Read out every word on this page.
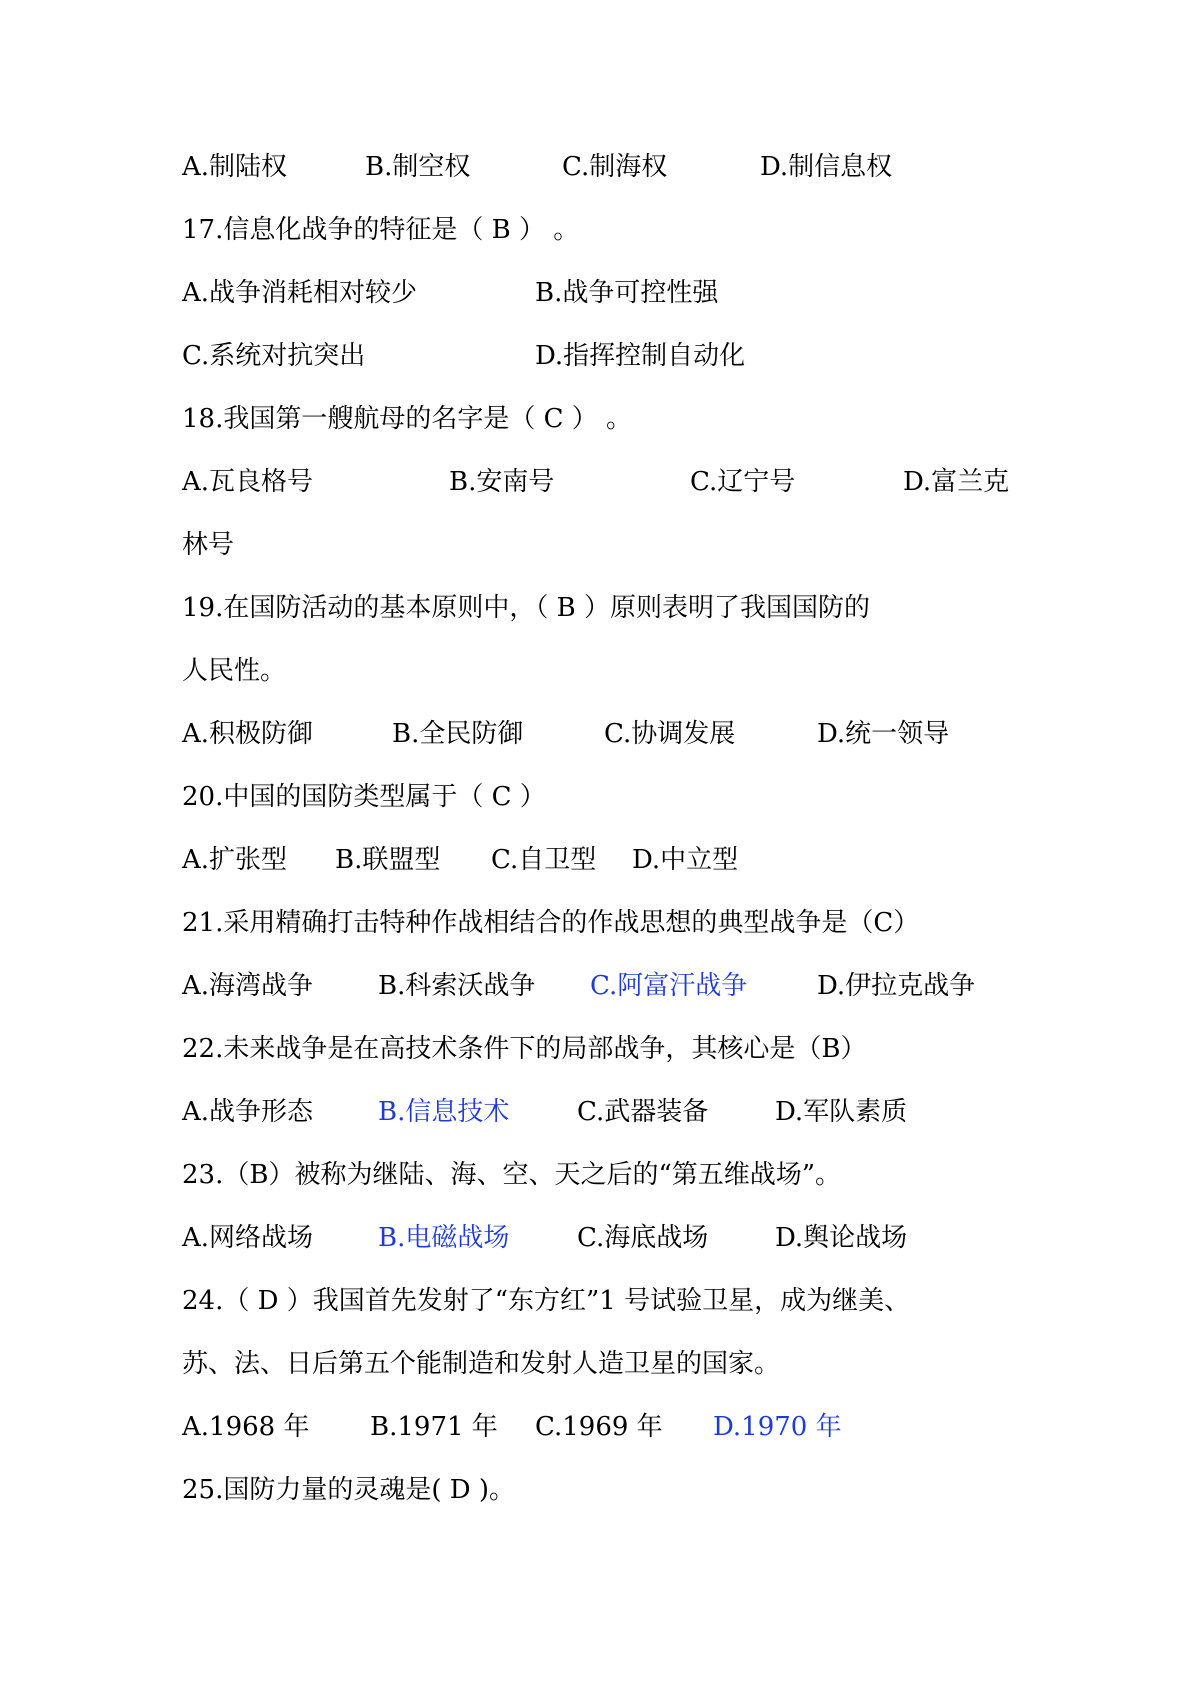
A.制陆权	B.制空权	C.制海权	D.制信息权
17.信息化战争的特征是（ B ） 。
A.战争消耗相对较少	B.战争可控性强
C.系统对抗突出	D.指挥控制自动化
18.我国第一艘航母的名字是（ C ） 。
A.瓦良格号	B.安南号	C.辽宁号	D.富兰克
林号
19.在国防活动的基本原则中，（ B ）原则表明了我国国防的
人民性。
A.积极防御	B.全民防御	C.协调发展	D.统一领导
20.中国的国防类型属于（ C ）
A.扩张型 B.联盟型 C.自卫型 D.中立型
21.采用精确打击特种作战相结合的作战思想的典型战争是（C）
A.海湾战争 B.科索沃战争 C.阿富汗战争	D.伊拉克战争
22.未来战争是在高技术条件下的局部战争，其核心是（B）
A.战争形态 B.信息技术	C.武器装备	D.军队素质
23.（B）被称为继陆、海、空、天之后的“第五维战场”。
A.网络战场 B.电磁战场	C.海底战场	D.舆论战场
24.（ D ）我国首先发射了“东方红”1 号试验卫星，成为继美、
苏、法、日后第五个能制造和发射人造卫星的国家。
A.1968 年 B.1971 年 C.1969 年 D.1970 年
25.国防力量的灵魂是( D )。
